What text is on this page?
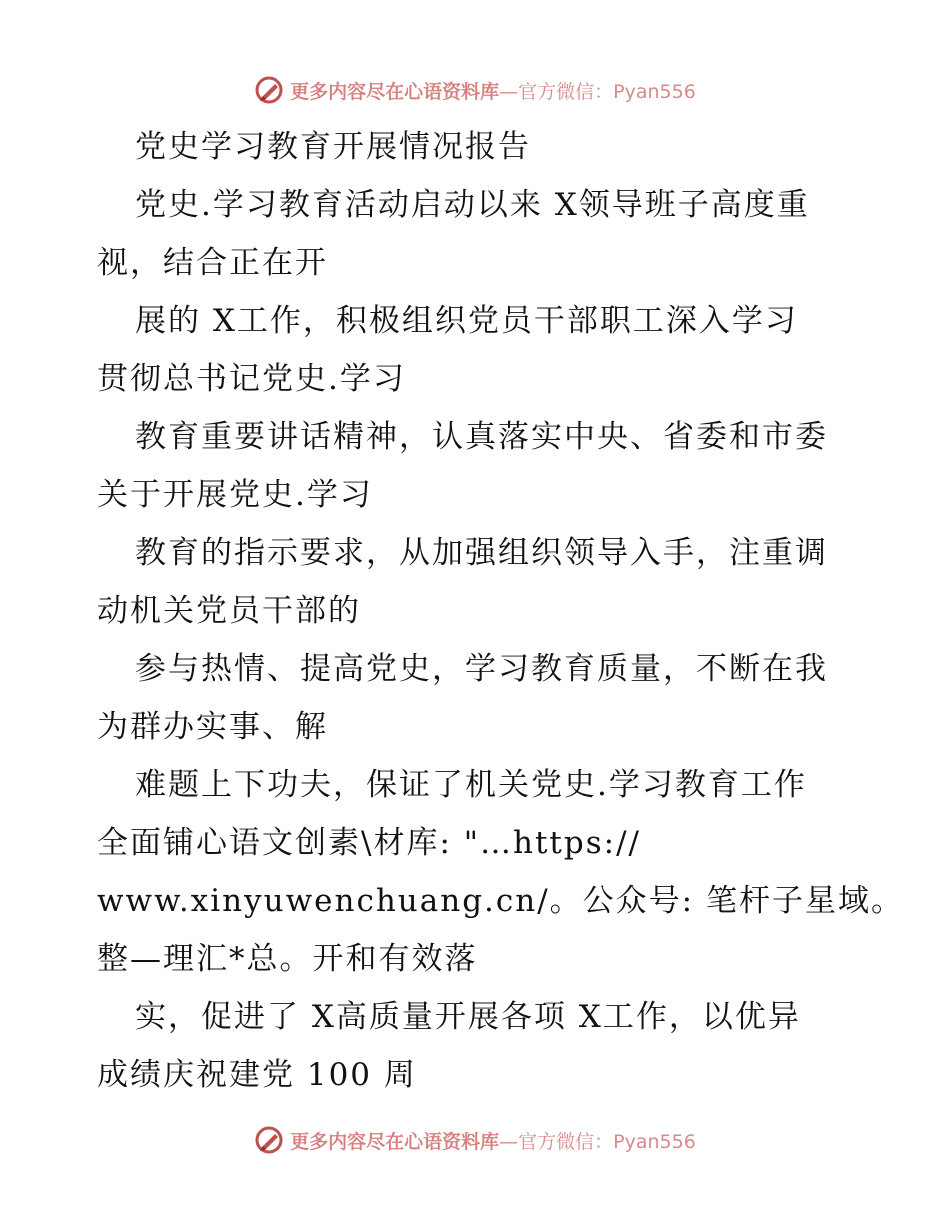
更多内容尽在心语资料库—官方微信：Pyan556
党史学习教育开展情况报告
党史.学习教育活动启动以来 X领导班子高度重
视，结合正在开
展的 X工作，积极组织党员干部职工深入学习
贯彻总书记党史.学习
教育重要讲话精神，认真落实中央、省委和市委
关于开展党史.学习
教育的指示要求，从加强组织领导入手，注重调
动机关党员干部的
参与热情、提高党史，学习教育质量，不断在我
为群办实事、解
难题上下功夫，保证了机关党史.学习教育工作
全面铺心语文创素\材库: "…https://
www.xinyuwenchuang.cn/。公众号: 笔杆子星域。
整—理汇*总。开和有效落
实，促进了 X高质量开展各项 X工作，以优异
成绩庆祝建党 100 周
更多内容尽在心语资料库—官方微信：Pyan556
